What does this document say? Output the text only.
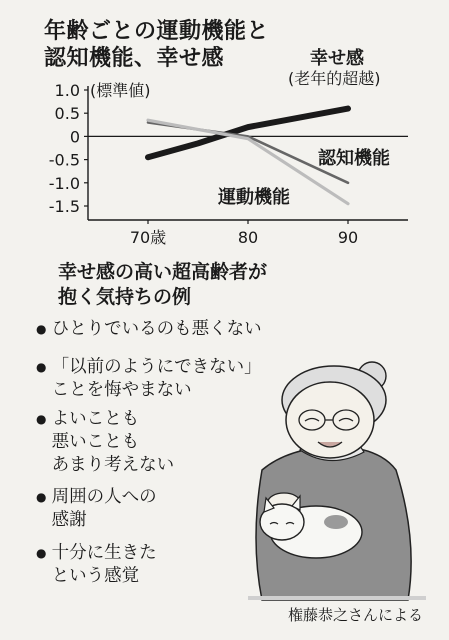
年齢ごとの運動機能と
認知機能、幸せ感
1.0
0.5
0
-0.5
-1.0
-1.5
(標準値)
70歳	80	90
幸せ感
(老年的超越)
認知機能
運動機能
幸せ感の高い超高齢者が
抱く気持ちの例
● ひとりでいるのも悪くない
● 「以前のようにできない」
ことを悔やまない
● よいことも
悪いことも
あまり考えない
● 周囲の人への
感謝
● 十分に生きた
という感覚
権藤恭之さんによる
